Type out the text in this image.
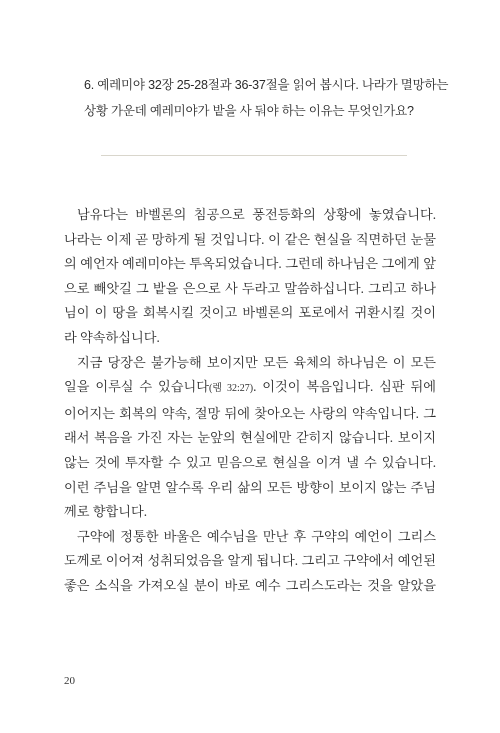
6. 예레미야 32장 25-28절과 36-37절을 읽어 봅시다. 나라가 멸망하는
상황 가운데 예레미야가 밭을 사 둬야 하는 이유는 무엇인가요?
남유다는 바벨론의 침공으로 풍전등화의 상황에 놓였습니다.
나라는 이제 곧 망하게 될 것입니다. 이 같은 현실을 직면하던 눈물
의 예언자 예레미야는 투옥되었습니다. 그런데 하나님은 그에게 앞
으로 빼앗길 그 밭을 은으로 사 두라고 말씀하십니다. 그리고 하나
님이 이 땅을 회복시킬 것이고 바벨론의 포로에서 귀환시킬 것이
라 약속하십니다.
지금 당장은 불가능해 보이지만 모든 육체의 하나님은 이 모든
일을 이루실 수 있습니다(렘 32:27). 이것이 복음입니다. 심판 뒤에
이어지는 회복의 약속, 절망 뒤에 찾아오는 사랑의 약속입니다. 그
래서 복음을 가진 자는 눈앞의 현실에만 갇히지 않습니다. 보이지
않는 것에 투자할 수 있고 믿음으로 현실을 이겨 낼 수 있습니다.
이런 주님을 알면 알수록 우리 삶의 모든 방향이 보이지 않는 주님
께로 향합니다.
구약에 정통한 바울은 예수님을 만난 후 구약의 예언이 그리스
도께로 이어져 성취되었음을 알게 됩니다. 그리고 구약에서 예언된
좋은 소식을 가져오실 분이 바로 예수 그리스도라는 것을 알았을
20
